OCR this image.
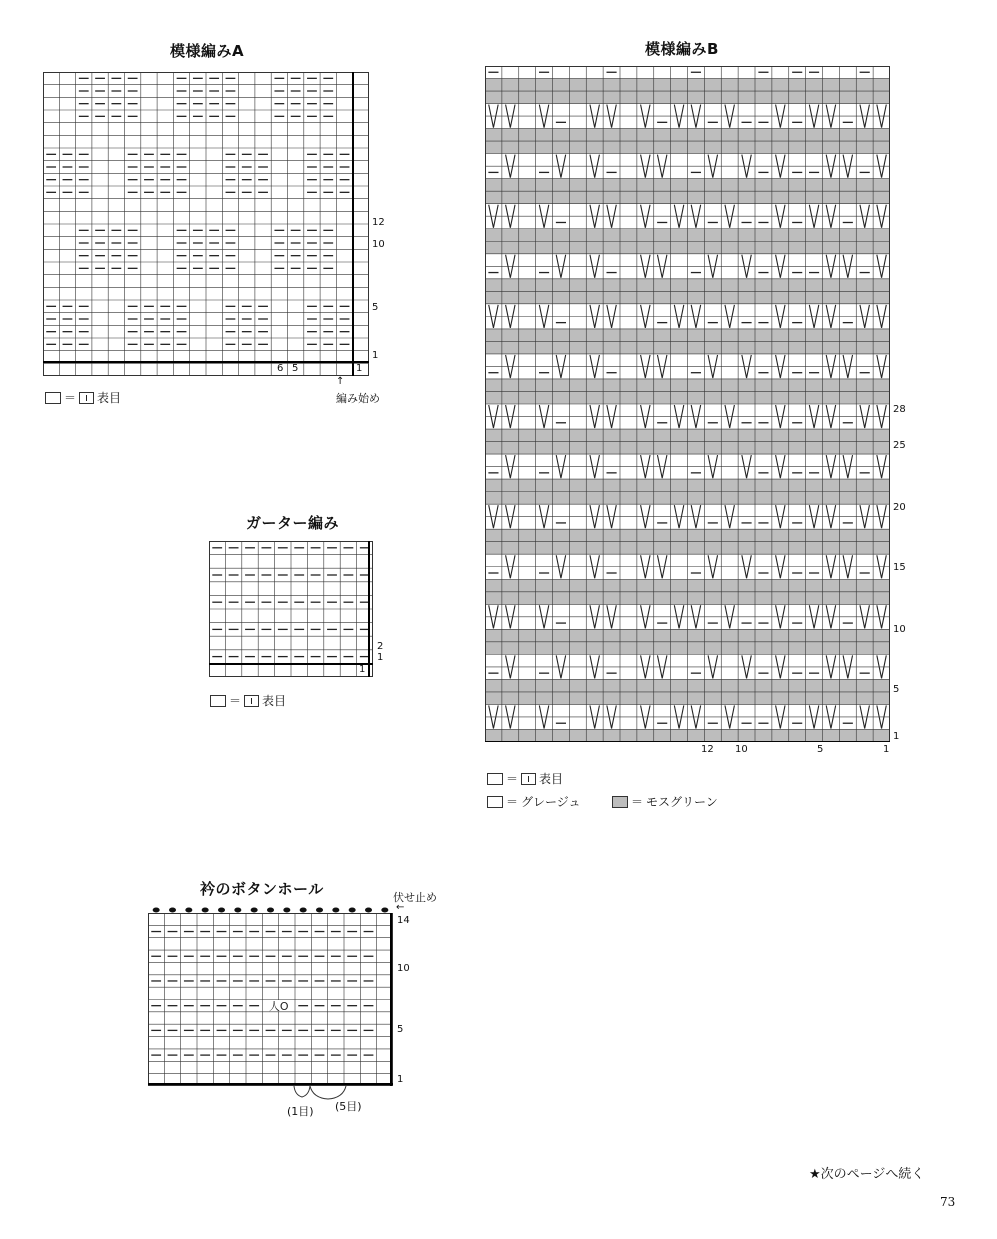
模様編みA
12
10
5
1
6 5	1
↑
編み始め
＝ 表目
模様編みB
28
25
20
15
10
5
1
12 10	5	1
＝ 表目
＝ グレージュ	＝ モスグリーン
ガーター編み
2
1
1
＝ 表目
衿のボタンホール	伏せ止め
←
人O
14
10
5
1
(1目) (5目)
★次のページへ続く
73
